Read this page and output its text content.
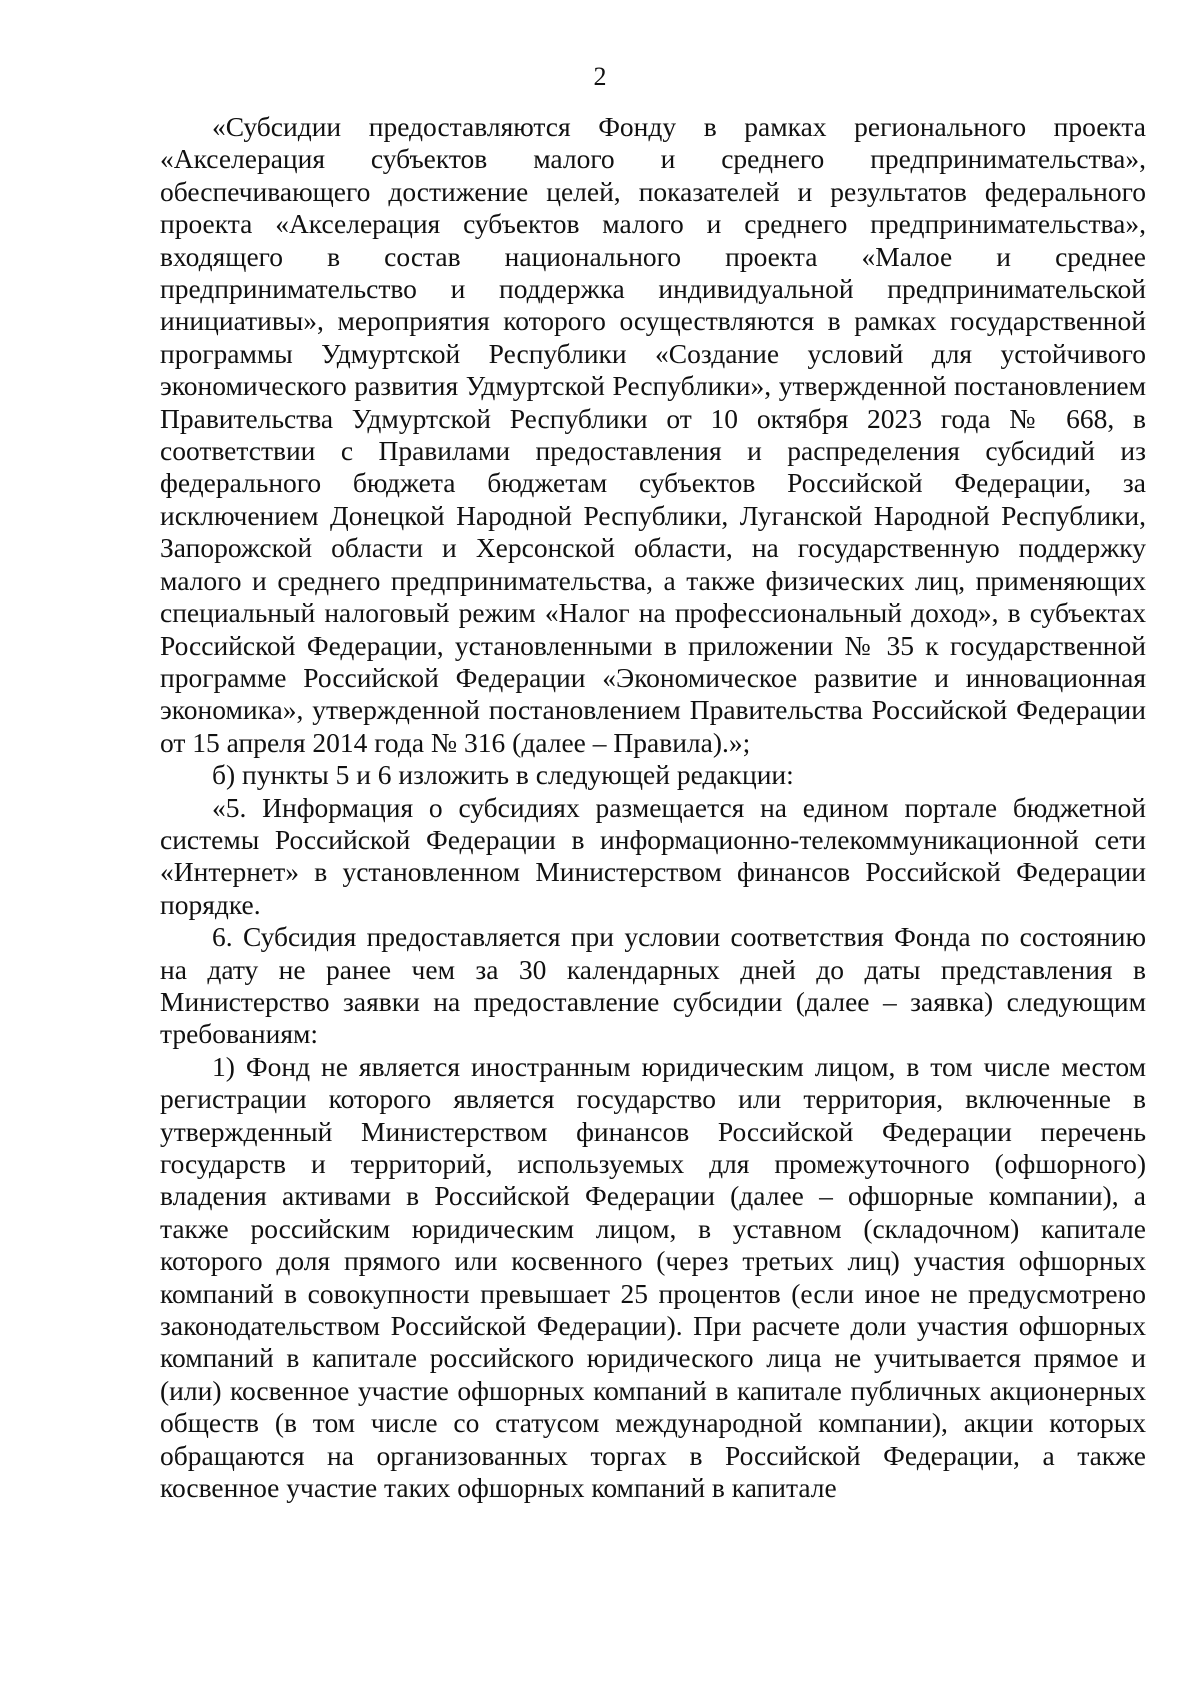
2

«Субсидии предоставляются Фонду в рамках регионального проекта «Акселерация субъектов малого и среднего предпринимательства», обеспечивающего достижение целей, показателей и результатов федерального проекта «Акселерация субъектов малого и среднего предпринимательства», входящего в состав национального проекта «Малое и среднее предпринимательство и поддержка индивидуальной предпринимательской инициативы», мероприятия которого осуществляются в рамках государственной программы Удмуртской Республики «Создание условий для устойчивого экономического развития Удмуртской Республики», утвержденной постановлением Правительства Удмуртской Республики от 10 октября 2023 года № 668, в соответствии с Правилами предоставления и распределения субсидий из федерального бюджета бюджетам субъектов Российской Федерации, за исключением Донецкой Народной Республики, Луганской Народной Республики, Запорожской области и Херсонской области, на государственную поддержку малого и среднего предпринимательства, а также физических лиц, применяющих специальный налоговый режим «Налог на профессиональный доход», в субъектах Российской Федерации, установленными в приложении № 35 к государственной программе Российской Федерации «Экономическое развитие и инновационная экономика», утвержденной постановлением Правительства Российской Федерации от 15 апреля 2014 года № 316 (далее – Правила).»;

б) пункты 5 и 6 изложить в следующей редакции:

«5. Информация о субсидиях размещается на едином портале бюджетной системы Российской Федерации в информационно-телекоммуникационной сети «Интернет» в установленном Министерством финансов Российской Федерации порядке.

6. Субсидия предоставляется при условии соответствия Фонда по состоянию на дату не ранее чем за 30 календарных дней до даты представления в Министерство заявки на предоставление субсидии (далее – заявка) следующим требованиям:

1) Фонд не является иностранным юридическим лицом, в том числе местом регистрации которого является государство или территория, включенные в утвержденный Министерством финансов Российской Федерации перечень государств и территорий, используемых для промежуточного (офшорного) владения активами в Российской Федерации (далее – офшорные компании), а также российским юридическим лицом, в уставном (складочном) капитале которого доля прямого или косвенного (через третьих лиц) участия офшорных компаний в совокупности превышает 25 процентов (если иное не предусмотрено законодательством Российской Федерации). При расчете доли участия офшорных компаний в капитале российского юридического лица не учитывается прямое и (или) косвенное участие офшорных компаний в капитале публичных акционерных обществ (в том числе со статусом международной компании), акции которых обращаются на организованных торгах в Российской Федерации, а также косвенное участие таких офшорных компаний в капитале
